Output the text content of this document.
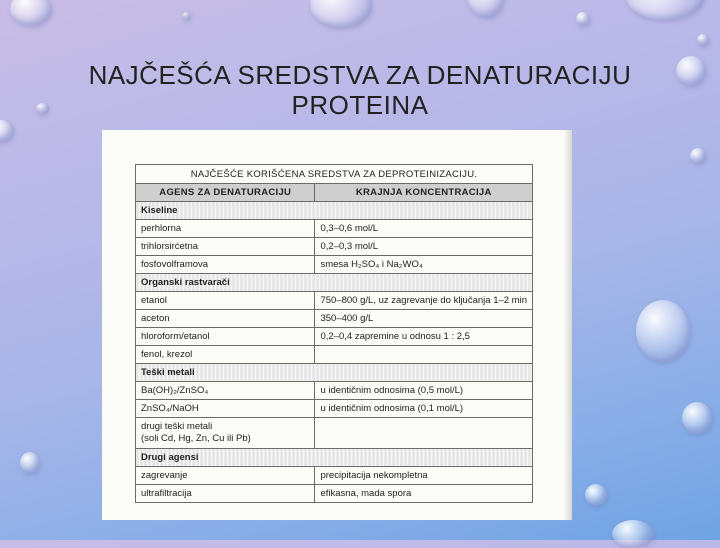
NAJČEŠĆA SREDSTVA ZA DENATURACIJU
PROTEINA
NAJČEŠĆE KORIŠĆENA SREDSTVA ZA DEPROTEINIZACIJU.	
AGENS ZA DENATURACIJU	KRAJNJA KONCENTRACIJA
Kiseline	
perhlorna	0,3–0,6 mol/L
trihlorsirćetna	0,2–0,3 mol/L
fosfovolframova	smesa H₂SO₄ i Na₂WO₄
Organski rastvarači	
etanol	750–800 g/L, uz zagrevanje do ključanja 1–2 min
aceton	350–400 g/L
hloroform/etanol	0,2–0,4 zapremine u odnosu 1 : 2,5
fenol, krezol	
Teški metali	
Ba(OH)₂/ZnSO₄	u identičnim odnosima (0,5 mol/L)
ZnSO₄/NaOH	u identičnim odnosima (0,1 mol/L)

drugi teški metali
(soli Cd, Hg, Zn, Cu ili Pb)	

Drugi agensi	
zagrevanje	precipitacija nekompletna
ultrafiltracija	efikasna, mada spora
